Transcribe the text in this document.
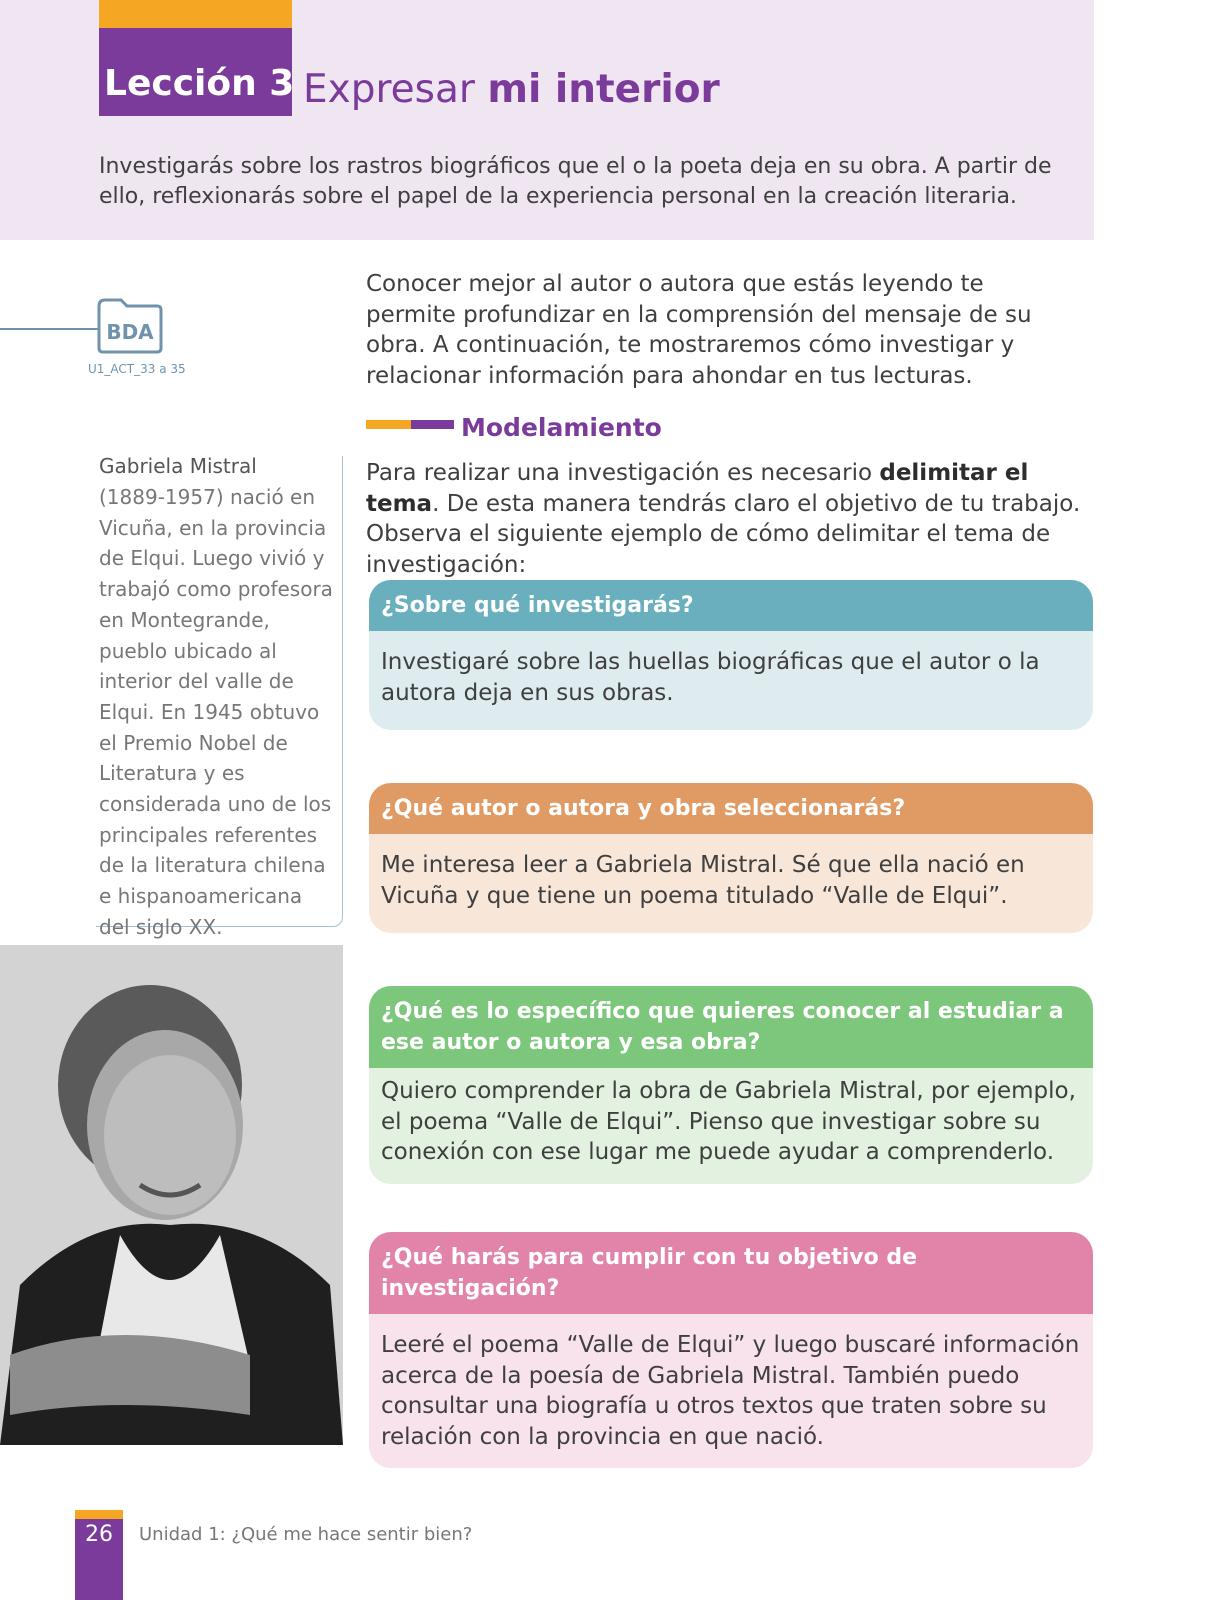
Lección 3 Expresar mi interior
Investigarás sobre los rastros biográficos que el o la poeta deja en su obra. A partir de ello, reflexionarás sobre el papel de la experiencia personal en la creación literaria.
BDA
U1_ACT_33 a 35
Gabriela Mistral
(1889-1957) nació en Vicuña, en la provincia de Elqui. Luego vivió y trabajó como profesora en Montegrande, pueblo ubicado al interior del valle de Elqui. En 1945 obtuvo el Premio Nobel de Literatura y es considerada uno de los principales referentes de la literatura chilena e hispanoamericana del siglo XX.
Conocer mejor al autor o autora que estás leyendo te permite profundizar en la comprensión del mensaje de su obra. A continuación, te mostraremos cómo investigar y relacionar información para ahondar en tus lecturas.
Modelamiento
Para realizar una investigación es necesario delimitar el tema. De esta manera tendrás claro el objetivo de tu trabajo. Observa el siguiente ejemplo de cómo delimitar el tema de investigación:
¿Sobre qué investigarás?
Investigaré sobre las huellas biográficas que el autor o la autora deja en sus obras.
¿Qué autor o autora y obra seleccionarás?
Me interesa leer a Gabriela Mistral. Sé que ella nació en Vicuña y que tiene un poema titulado “Valle de Elqui”.
¿Qué es lo específico que quieres conocer al estudiar a ese autor o autora y esa obra?
Quiero comprender la obra de Gabriela Mistral, por ejemplo, el poema “Valle de Elqui”. Pienso que investigar sobre su conexión con ese lugar me puede ayudar a comprenderlo.
¿Qué harás para cumplir con tu objetivo de investigación?
Leeré el poema “Valle de Elqui” y luego buscaré información acerca de la poesía de Gabriela Mistral. También puedo consultar una biografía u otros textos que traten sobre su relación con la provincia en que nació.
26	Unidad 1: ¿Qué me hace sentir bien?
